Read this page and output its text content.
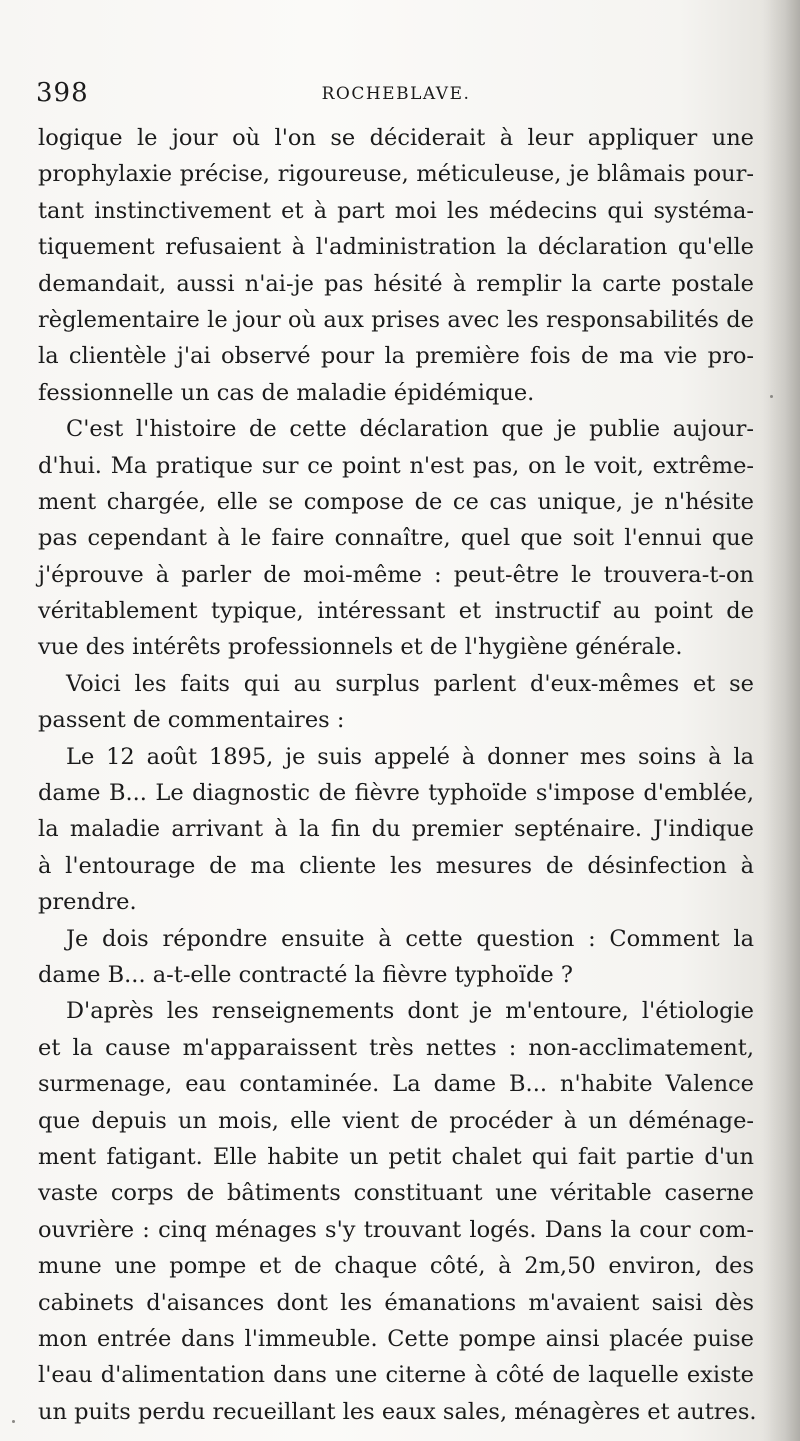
398	ROCHEBLAVE.
logique le jour où l'on se déciderait à leur appliquer une
prophylaxie précise, rigoureuse, méticuleuse, je blâmais pour-
tant instinctivement et à part moi les médecins qui systéma-
tiquement refusaient à l'administration la déclaration qu'elle
demandait, aussi n'ai-je pas hésité à remplir la carte postale
règlementaire le jour où aux prises avec les responsabilités de
la clientèle j'ai observé pour la première fois de ma vie pro-
fessionnelle un cas de maladie épidémique.
C'est l'histoire de cette déclaration que je publie aujour-
d'hui. Ma pratique sur ce point n'est pas, on le voit, extrême-
ment chargée, elle se compose de ce cas unique, je n'hésite
pas cependant à le faire connaître, quel que soit l'ennui que
j'éprouve à parler de moi-même : peut-être le trouvera-t-on
véritablement typique, intéressant et instructif au point de
vue des intérêts professionnels et de l'hygiène générale.
Voici les faits qui au surplus parlent d'eux-mêmes et se
passent de commentaires :
Le 12 août 1895, je suis appelé à donner mes soins à la
dame B... Le diagnostic de fièvre typhoïde s'impose d'emblée,
la maladie arrivant à la fin du premier septénaire. J'indique
à l'entourage de ma cliente les mesures de désinfection à
prendre.
Je dois répondre ensuite à cette question : Comment la
dame B... a-t-elle contracté la fièvre typhoïde ?
D'après les renseignements dont je m'entoure, l'étiologie
et la cause m'apparaissent très nettes : non-acclimatement,
surmenage, eau contaminée. La dame B... n'habite Valence
que depuis un mois, elle vient de procéder à un déménage-
ment fatigant. Elle habite un petit chalet qui fait partie d'un
vaste corps de bâtiments constituant une véritable caserne
ouvrière : cinq ménages s'y trouvant logés. Dans la cour com-
mune une pompe et de chaque côté, à 2m,50 environ, des
cabinets d'aisances dont les émanations m'avaient saisi dès
mon entrée dans l'immeuble. Cette pompe ainsi placée puise
l'eau d'alimentation dans une citerne à côté de laquelle existe
un puits perdu recueillant les eaux sales, ménagères et autres.
